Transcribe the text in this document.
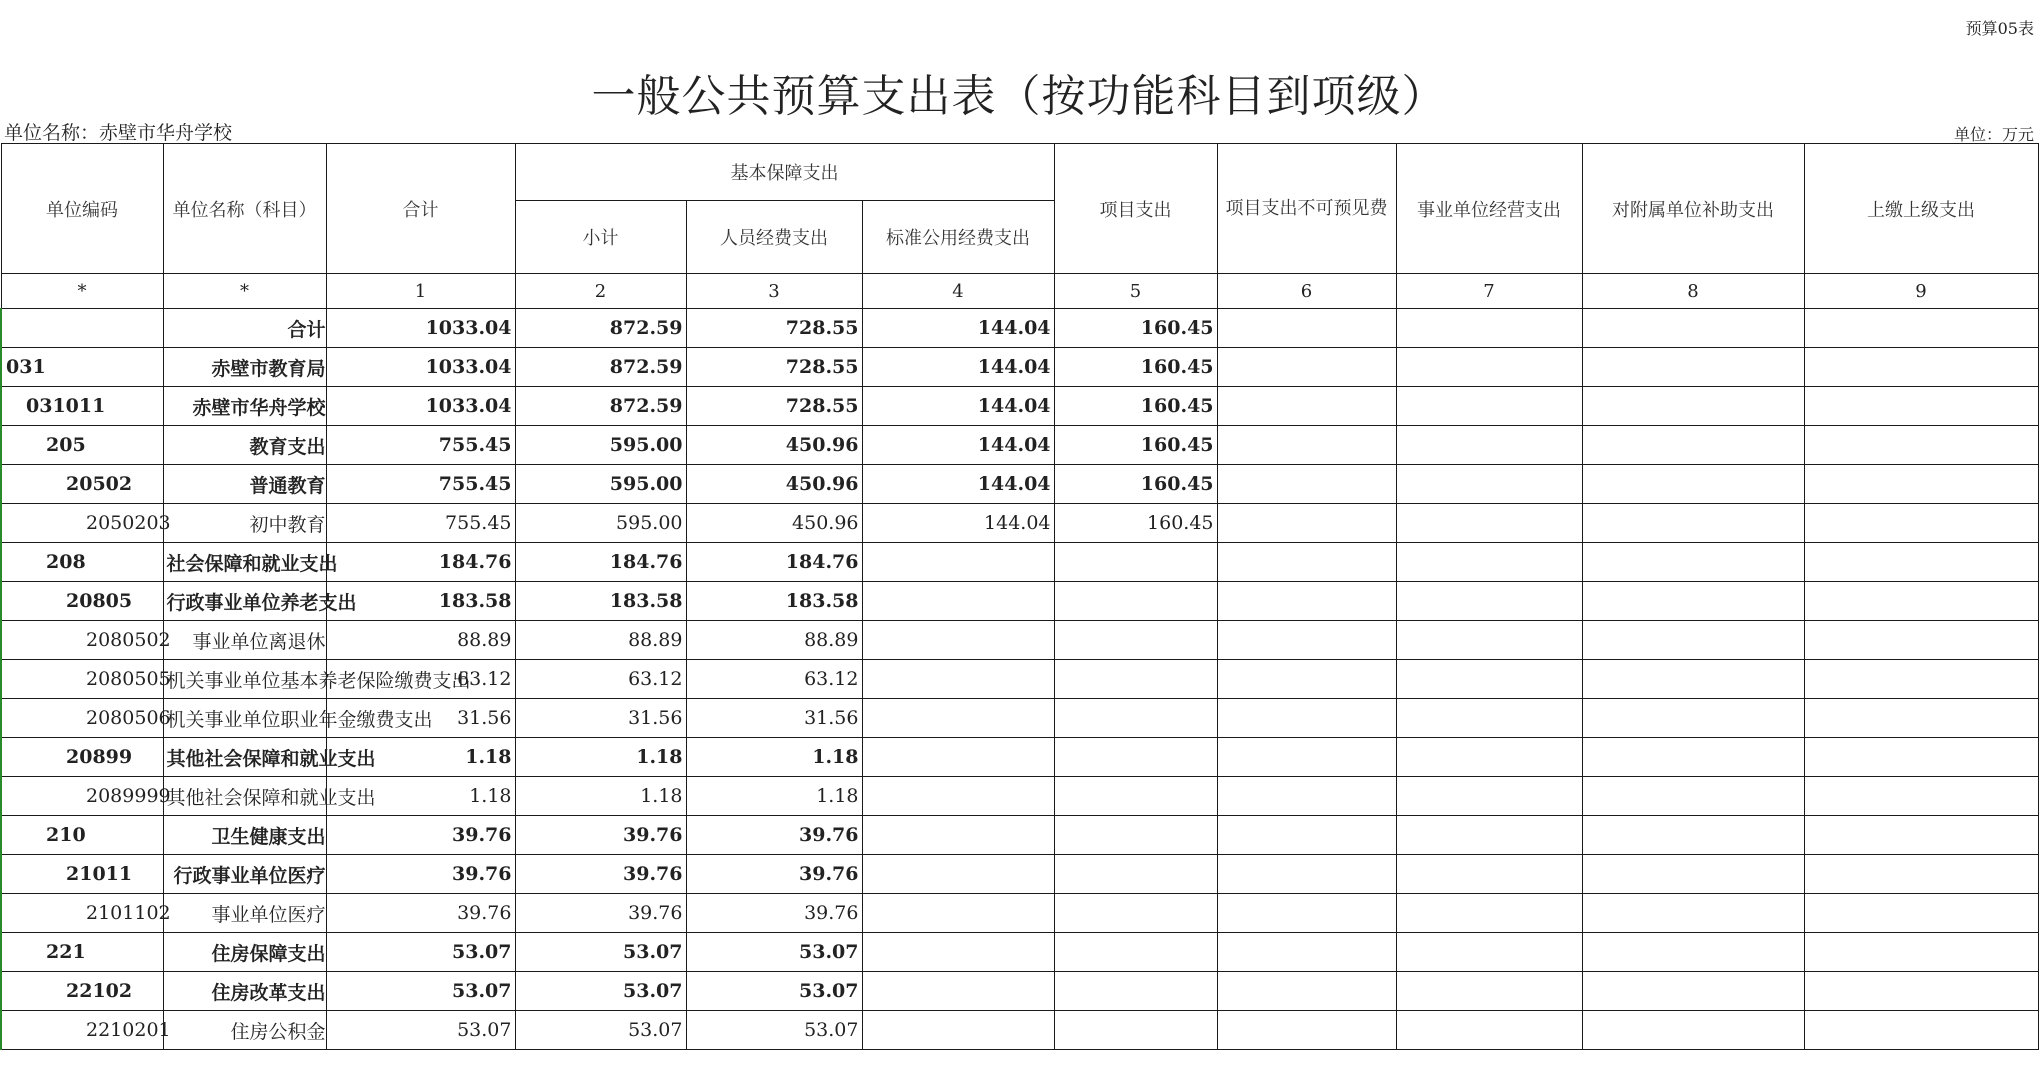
预算05表
一般公共预算支出表（按功能科目到项级）
单位名称：赤壁市华舟学校	单位：万元
单位编码	单位名称（科目）	合计	基本保障支出			项目支出	项目支出不可预见费	事业单位经营支出	对附属单位补助支出	上缴上级支出
			小计	人员经费支出	标准公用经费支出					
*	*	1	2	3	4	5	6	7	8	9
	合计	1033.04	872.59	728.55	144.04	160.45				
031	赤壁市教育局	1033.04	872.59	728.55	144.04	160.45				
031011	赤壁市华舟学校	1033.04	872.59	728.55	144.04	160.45				
205	教育支出	755.45	595.00	450.96	144.04	160.45				
20502	普通教育	755.45	595.00	450.96	144.04	160.45				
2050203	初中教育	755.45	595.00	450.96	144.04	160.45				
208	社会保障和就业支出	184.76	184.76	184.76						
20805	行政事业单位养老支出	183.58	183.58	183.58						
2080502	事业单位离退休	88.89	88.89	88.89						
2080505	机关事业单位基本养老保险缴费支出	63.12	63.12	63.12						
2080506	机关事业单位职业年金缴费支出	31.56	31.56	31.56						
20899	其他社会保障和就业支出	1.18	1.18	1.18						
2089999	其他社会保障和就业支出	1.18	1.18	1.18						
210	卫生健康支出	39.76	39.76	39.76						
21011	行政事业单位医疗	39.76	39.76	39.76						
2101102	事业单位医疗	39.76	39.76	39.76						
221	住房保障支出	53.07	53.07	53.07						
22102	住房改革支出	53.07	53.07	53.07						
2210201	住房公积金	53.07	53.07	53.07						
